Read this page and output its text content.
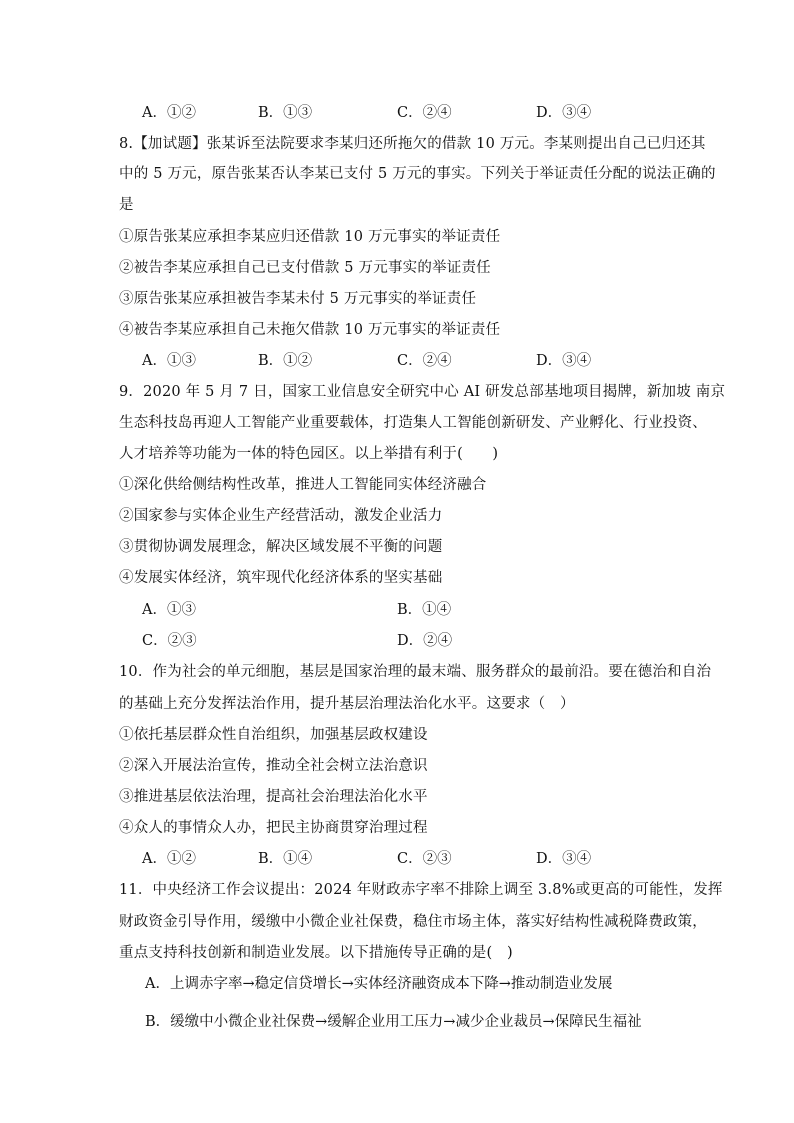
A．①②	B．①③	C．②④	D．③④
8.【加试题】张某诉至法院要求李某归还所拖欠的借款 10 万元。李某则提出自己已归还其
中的 5 万元，原告张某否认李某已支付 5 万元的事实。下列关于举证责任分配的说法正确的
是
①原告张某应承担李某应归还借款 10 万元事实的举证责任
②被告李某应承担自己已支付借款 5 万元事实的举证责任
③原告张某应承担被告李某未付 5 万元事实的举证责任
④被告李某应承担自己未拖欠借款 10 万元事实的举证责任
A．①③	B．①②	C．②④	D．③④
9．2020 年 5 月 7 日，国家工业信息安全研究中心 AI 研发总部基地项目揭牌，新加坡 南京
生态科技岛再迎人工智能产业重要载体，打造集人工智能创新研发、产业孵化、行业投资、
人才培养等功能为一体的特色园区。以上举措有利于(　　)
①深化供给侧结构性改革，推进人工智能同实体经济融合
②国家参与实体企业生产经营活动，激发企业活力
③贯彻协调发展理念，解决区域发展不平衡的问题
④发展实体经济，筑牢现代化经济体系的坚实基础
A．①③	B．①④
C．②③	D．②④
10．作为社会的单元细胞，基层是国家治理的最末端、服务群众的最前沿。要在德治和自治
的基础上充分发挥法治作用，提升基层治理法治化水平。这要求（　）
①依托基层群众性自治组织，加强基层政权建设
②深入开展法治宣传，推动全社会树立法治意识
③推进基层依法治理，提高社会治理法治化水平
④众人的事情众人办，把民主协商贯穿治理过程
A．①②	B．①④	C．②③	D．③④
11．中央经济工作会议提出：2024 年财政赤字率不排除上调至 3.8%或更高的可能性，发挥
财政资金引导作用，缓缴中小微企业社保费，稳住市场主体，落实好结构性减税降费政策，
重点支持科技创新和制造业发展。以下措施传导正确的是(　)
A．上调赤字率→稳定信贷增长→实体经济融资成本下降→推动制造业发展
B．缓缴中小微企业社保费→缓解企业用工压力→减少企业裁员→保障民生福祉
